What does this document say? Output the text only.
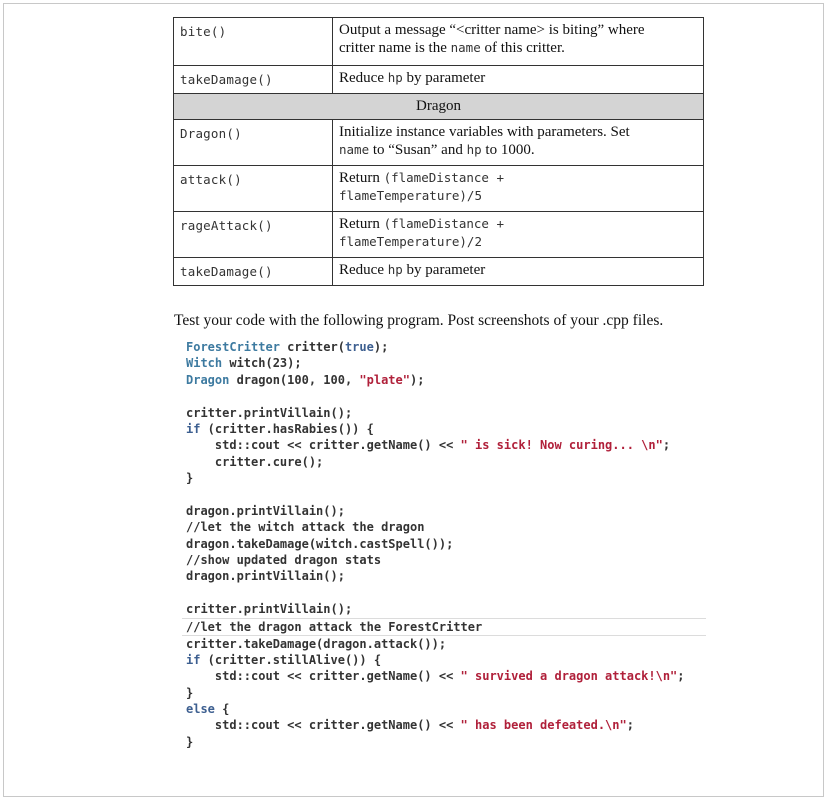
bite()	Output a message “<critter name> is biting” where
critter name is the name of this critter.
takeDamage()	Reduce hp by parameter
Dragon	
Dragon()	Initialize instance variables with parameters. Set
name to “Susan” and hp to 1000.
attack()	Return (flameDistance +
flameTemperature)/5
rageAttack()	Return (flameDistance +
flameTemperature)/2
takeDamage()	Reduce hp by parameter
Test your code with the following program. Post screenshots of your .cpp files.
ForestCritter critter(true);
Witch witch(23);
Dragon dragon(100, 100, "plate");
critter.printVillain();
if (critter.hasRabies()) {
std::cout << critter.getName() << " is sick! Now curing... \n";
critter.cure();
}
dragon.printVillain();
//let the witch attack the dragon
dragon.takeDamage(witch.castSpell());
//show updated dragon stats
dragon.printVillain();
critter.printVillain();
//let the dragon attack the ForestCritter
critter.takeDamage(dragon.attack());
if (critter.stillAlive()) {
std::cout << critter.getName() << " survived a dragon attack!\n";
}
else {
std::cout << critter.getName() << " has been defeated.\n";
}
